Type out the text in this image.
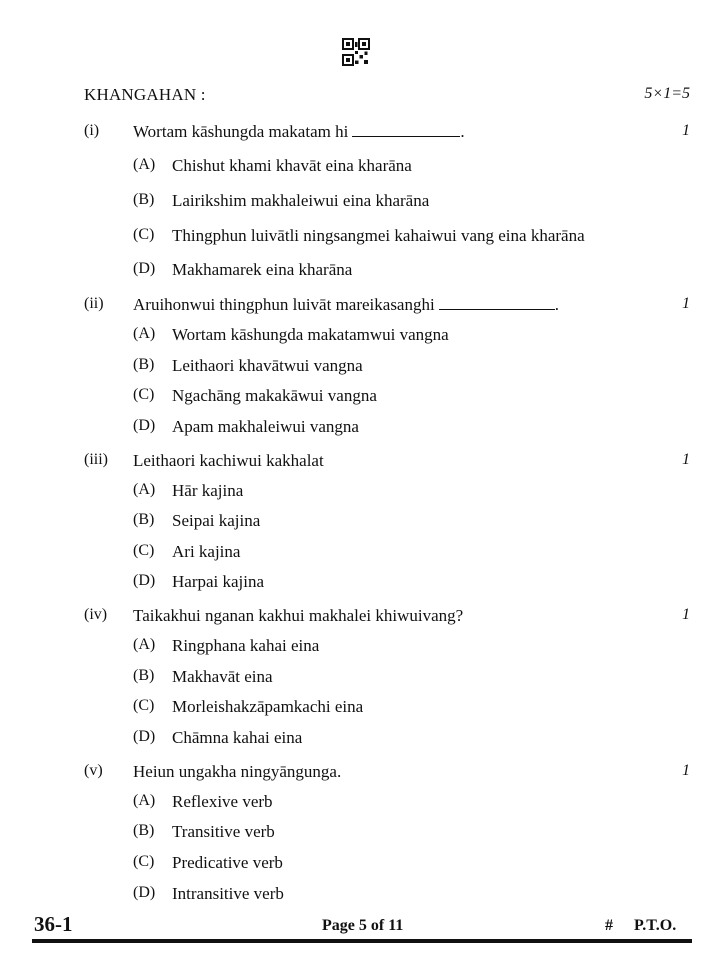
KHANGAHAN :	5×1=5
(i) Wortam kāshungda makatam hi	.	1
(A) Chishut khami khavāt eina kharāna
(B) Lairikshim makhaleiwui eina kharāna
(C) Thingphun luivātli ningsangmei kahaiwui vang eina kharāna
(D) Makhamarek eina kharāna
(ii) Aruihonwui thingphun luivāt mareikasanghi	.	1
(A) Wortam kāshungda makatamwui vangna
(B) Leithaori khavātwui vangna
(C) Ngachāng makakāwui vangna
(D) Apam makhaleiwui vangna
(iii) Leithaori kachiwui kakhalat	1
(A) Hār kajina
(B) Seipai kajina
(C) Ari kajina
(D) Harpai kajina
(iv) Taikakhui nganan kakhui makhalei khiwuivang?	1
(A) Ringphana kahai eina
(B) Makhavāt eina
(C) Morleishakzāpamkachi eina
(D) Chāmna kahai eina
(v) Heiun ungakha ningyāngunga.	1
(A) Reflexive verb
(B) Transitive verb
(C) Predicative verb
(D) Intransitive verb
36-1	Page 5 of 11	# P.T.O.
